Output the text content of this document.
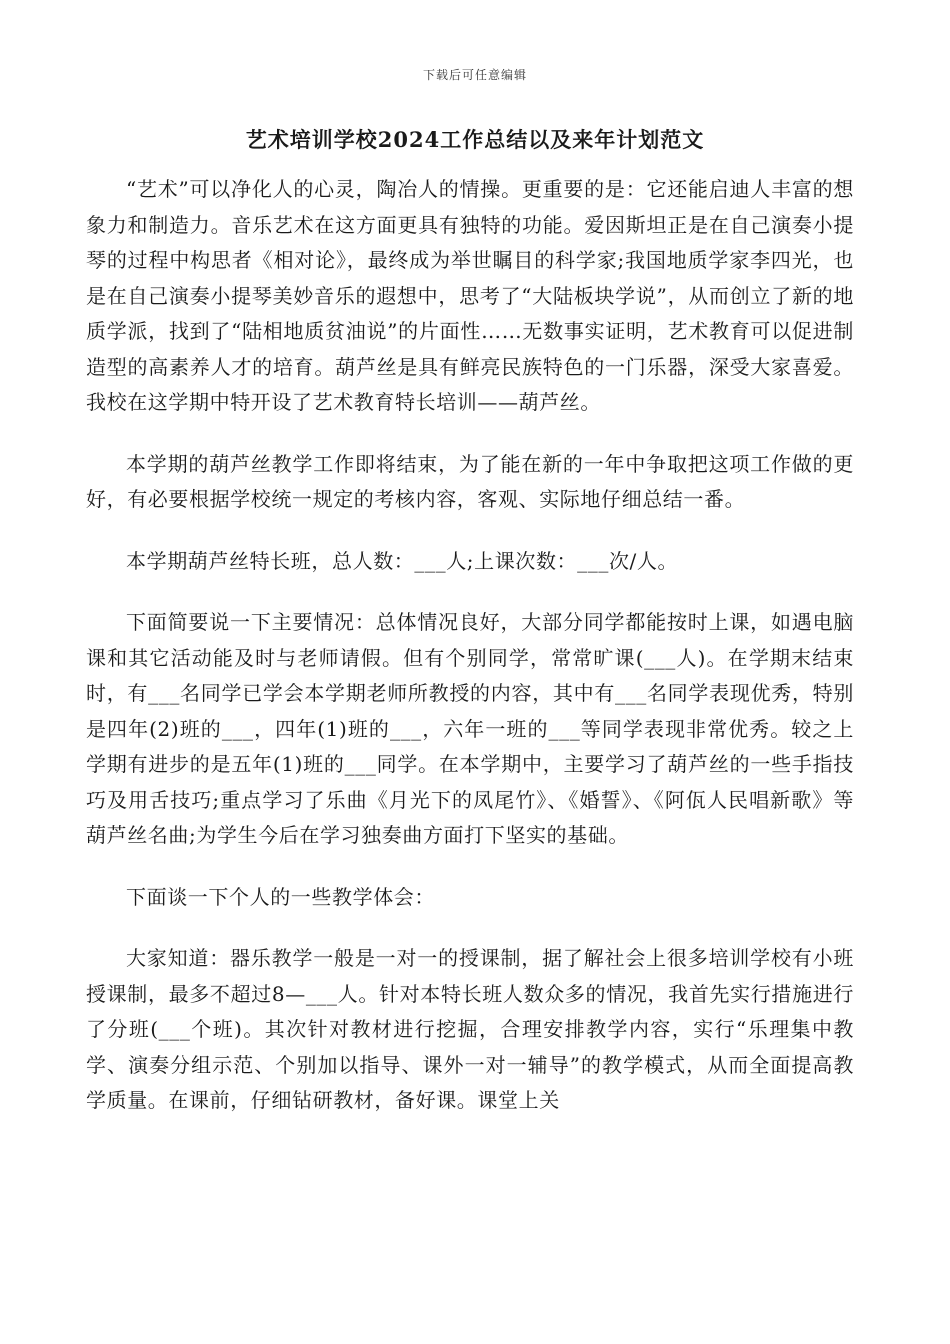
下载后可任意编辑
艺术培训学校2024工作总结以及来年计划范文

“艺术”可以净化人的心灵，陶冶人的情操。更重要的是：它还能启迪人丰富的想象力和制造力。音乐艺术在这方面更具有独特的功能。爱因斯坦正是在自己演奏小提琴的过程中构思者《相对论》，最终成为举世瞩目的科学家;我国地质学家李四光，也是在自己演奏小提琴美妙音乐的遐想中，思考了“大陆板块学说”，从而创立了新的地质学派，找到了“陆相地质贫油说”的片面性……无数事实证明，艺术教育可以促进制造型的高素养人才的培育。葫芦丝是具有鲜亮民族特色的一门乐器，深受大家喜爱。我校在这学期中特开设了艺术教育特长培训——葫芦丝。

本学期的葫芦丝教学工作即将结束，为了能在新的一年中争取把这项工作做的更好，有必要根据学校统一规定的考核内容，客观、实际地仔细总结一番。

本学期葫芦丝特长班，总人数：___人;上课次数：___次/人。

下面简要说一下主要情况：总体情况良好，大部分同学都能按时上课，如遇电脑课和其它活动能及时与老师请假。但有个别同学，常常旷课(___人)。在学期末结束时，有___名同学已学会本学期老师所教授的内容，其中有___名同学表现优秀，特别是四年(2)班的___，四年(1)班的___，六年一班的___等同学表现非常优秀。较之上学期有进步的是五年(1)班的___同学。在本学期中，主要学习了葫芦丝的一些手指技巧及用舌技巧;重点学习了乐曲《月光下的凤尾竹》、《婚誓》、《阿佤人民唱新歌》等葫芦丝名曲;为学生今后在学习独奏曲方面打下坚实的基础。

下面谈一下个人的一些教学体会：

大家知道：器乐教学一般是一对一的授课制，据了解社会上很多培训学校有小班授课制，最多不超过8—___人。针对本特长班人数众多的情况，我首先实行措施进行了分班(___个班)。其次针对教材进行挖掘，合理安排教学内容，实行“乐理集中教学、演奏分组示范、个别加以指导、课外一对一辅导”的教学模式，从而全面提高教学质量。在课前，仔细钻研教材，备好课。课堂上关
